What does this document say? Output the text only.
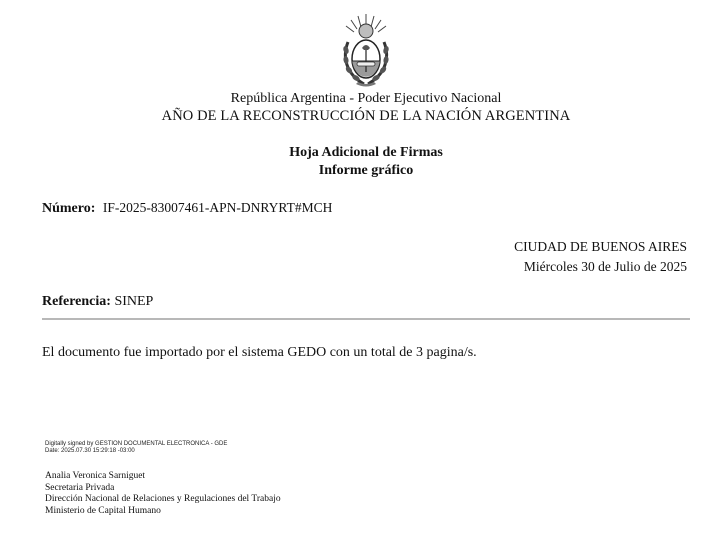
República Argentina - Poder Ejecutivo Nacional
AÑO DE LA RECONSTRUCCIÓN DE LA NACIÓN ARGENTINA
Hoja Adicional de Firmas
Informe gráfico
Número: IF-2025-83007461-APN-DNRYRT#MCH
CIUDAD DE BUENOS AIRES
Miércoles 30 de Julio de 2025
Referencia: SINEP
El documento fue importado por el sistema GEDO con un total de 3 pagina/s.
Digitally signed by GESTION DOCUMENTAL ELECTRONICA - GDE
Date: 2025.07.30 15:29:18 -03:00
Analia Veronica Sarniguet
Secretaria Privada
Dirección Nacional de Relaciones y Regulaciones del Trabajo
Ministerio de Capital Humano
